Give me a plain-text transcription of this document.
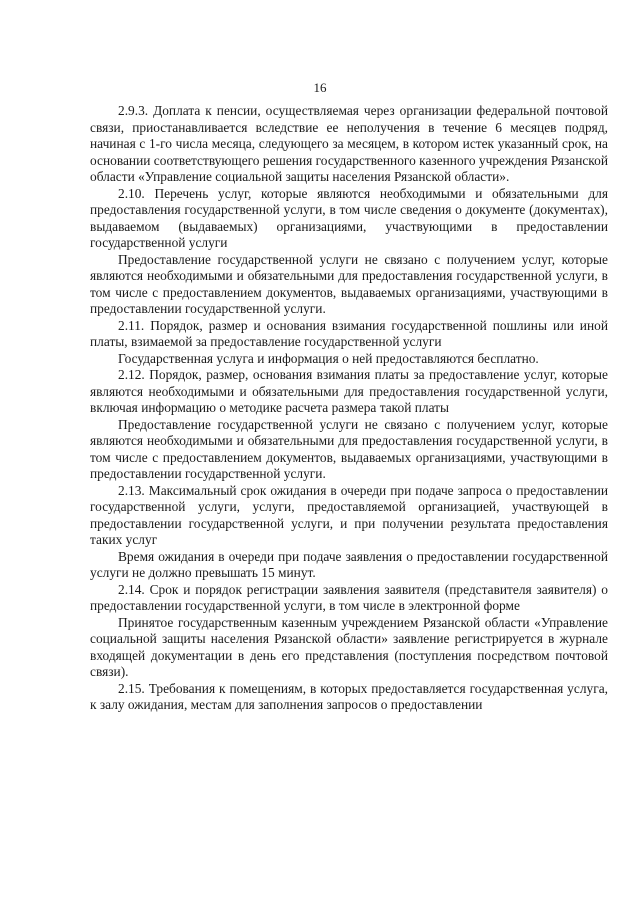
16

2.9.3. Доплата к пенсии, осуществляемая через организации федеральной почтовой связи, приостанавливается вследствие ее неполучения в течение 6 месяцев подряд, начиная с 1-го числа месяца, следующего за месяцем, в котором истек указанный срок, на основании соответствующего решения государственного казенного учреждения Рязанской области «Управление социальной защиты населения Рязанской области».

2.10. Перечень услуг, которые являются необходимыми и обязательными для предоставления государственной услуги, в том числе сведения о документе (документах), выдаваемом (выдаваемых) организациями, участвующими в предоставлении государственной услуги

Предоставление государственной услуги не связано с получением услуг, которые являются необходимыми и обязательными для предоставления государственной услуги, в том числе с предоставлением документов, выдаваемых организациями, участвующими в предоставлении государственной услуги.

2.11. Порядок, размер и основания взимания государственной пошлины или иной платы, взимаемой за предоставление государственной услуги

Государственная услуга и информация о ней предоставляются бесплатно.

2.12. Порядок, размер, основания взимания платы за предоставление услуг, которые являются необходимыми и обязательными для предоставления государственной услуги, включая информацию о методике расчета размера такой платы

Предоставление государственной услуги не связано с получением услуг, которые являются необходимыми и обязательными для предоставления государственной услуги, в том числе с предоставлением документов, выдаваемых организациями, участвующими в предоставлении государственной услуги.

2.13. Максимальный срок ожидания в очереди при подаче запроса о предоставлении государственной услуги, услуги, предоставляемой организацией, участвующей в предоставлении государственной услуги, и при получении результата предоставления таких услуг

Время ожидания в очереди при подаче заявления о предоставлении государственной услуги не должно превышать 15 минут.

2.14. Срок и порядок регистрации заявления заявителя (представителя заявителя) о предоставлении государственной услуги, в том числе в электронной форме

Принятое государственным казенным учреждением Рязанской области «Управление социальной защиты населения Рязанской области» заявление регистрируется в журнале входящей документации в день его представления (поступления посредством почтовой связи).

2.15. Требования к помещениям, в которых предоставляется государственная услуга, к залу ожидания, местам для заполнения запросов о предоставлении
